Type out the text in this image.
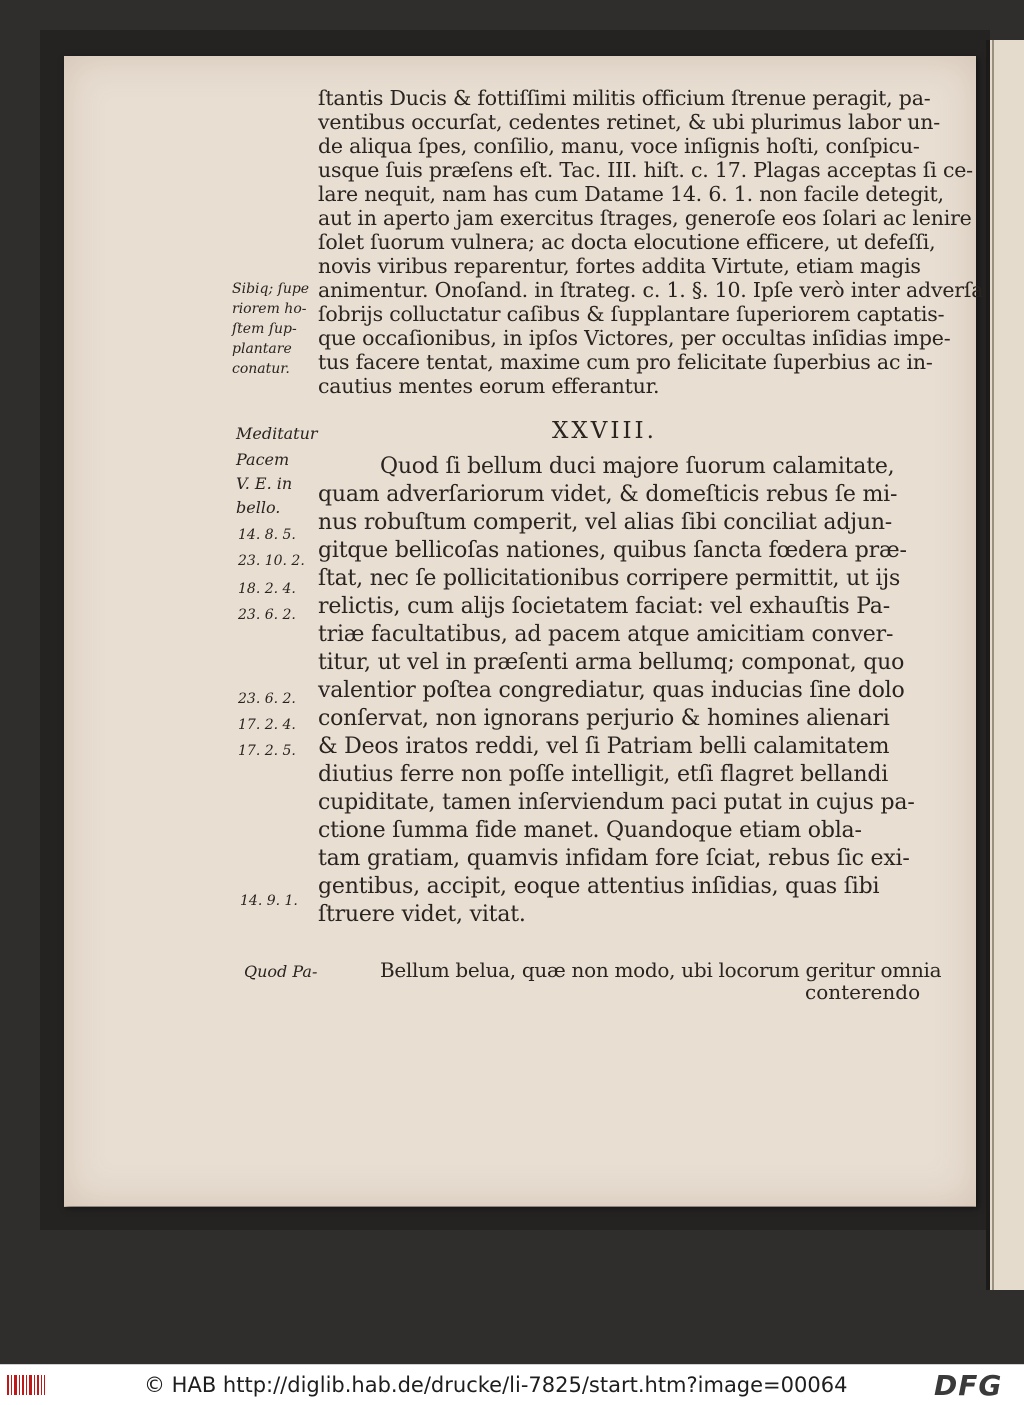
ſtantis Ducis & fottiſſimi militis officium ſtrenue peragit, pa-
ventibus occurſat, cedentes retinet, & ubi plurimus labor un-
de aliqua ſpes, conſilio, manu, voce inſignis hoſti, conſpicu-
usque ſuis præſens eſt. Tac. III. hiſt. c. 17. Plagas acceptas ſi ce-
lare nequit, nam has cum Datame 14. 6. 1. non facile detegit,
aut in aperto jam exercitus ſtrages, generoſe eos ſolari ac lenire
ſolet ſuorum vulnera; ac docta elocutione efficere, ut defeſſi,
novis viribus reparentur, fortes addita Virtute, etiam magis
animentur. Onoſand. in ſtrateg. c. 1. §. 10. Ipſe verò inter adverſa
ſobrijs colluctatur caſibus & ſupplantare ſuperiorem captatis-
que occaſionibus, in ipſos Victores, per occultas inſidias impe-
tus facere tentat, maxime cum pro felicitate ſuperbius ac in-
cautius mentes eorum efferantur.
Quod ſi bellum duci majore ſuorum calamitate,
quam adverſariorum videt, & domeſticis rebus ſe mi-
nus robuſtum comperit, vel alias ſibi conciliat adjun-
gitque bellicoſas nationes, quibus ſancta fœdera præ-
ſtat, nec ſe pollicitationibus corripere permittit, ut ijs
relictis, cum alijs ſocietatem faciat: vel exhauſtis Pa-
triæ facultatibus, ad pacem atque amicitiam conver-
titur, ut vel in præſenti arma bellumq; componat, quo
valentior poſtea congrediatur, quas inducias ſine dolo
conſervat, non ignorans perjurio & homines alienari
& Deos iratos reddi, vel ſi Patriam belli calamitatem
diutius ferre non poſſe intelligit, etſi flagret bellandi
cupiditate, tamen inſerviendum paci putat in cujus pa-
ctione ſumma fide manet. Quandoque etiam obla-
tam gratiam, quamvis infidam fore ſciat, rebus ſic exi-
gentibus, accipit, eoque attentius inſidias, quas ſibi
ſtruere videt, vitat.
XXVIII.
Sibiq; ſupe
riorem ho-
ſtem ſup-
plantare
conatur.
Meditatur
Pacem
V. E. in
bello.
14. 8. 5.
23. 10. 2.
18. 2. 4.
23. 6. 2.
23. 6. 2.
17. 2. 4.
17. 2. 5.
14. 9. 1.
Quod Pa-	Bellum belua, quæ non modo, ubi locorum geritur omnia
conterendo
© HAB http://diglib.hab.de/drucke/li-7825/start.htm?image=00064	DFG
